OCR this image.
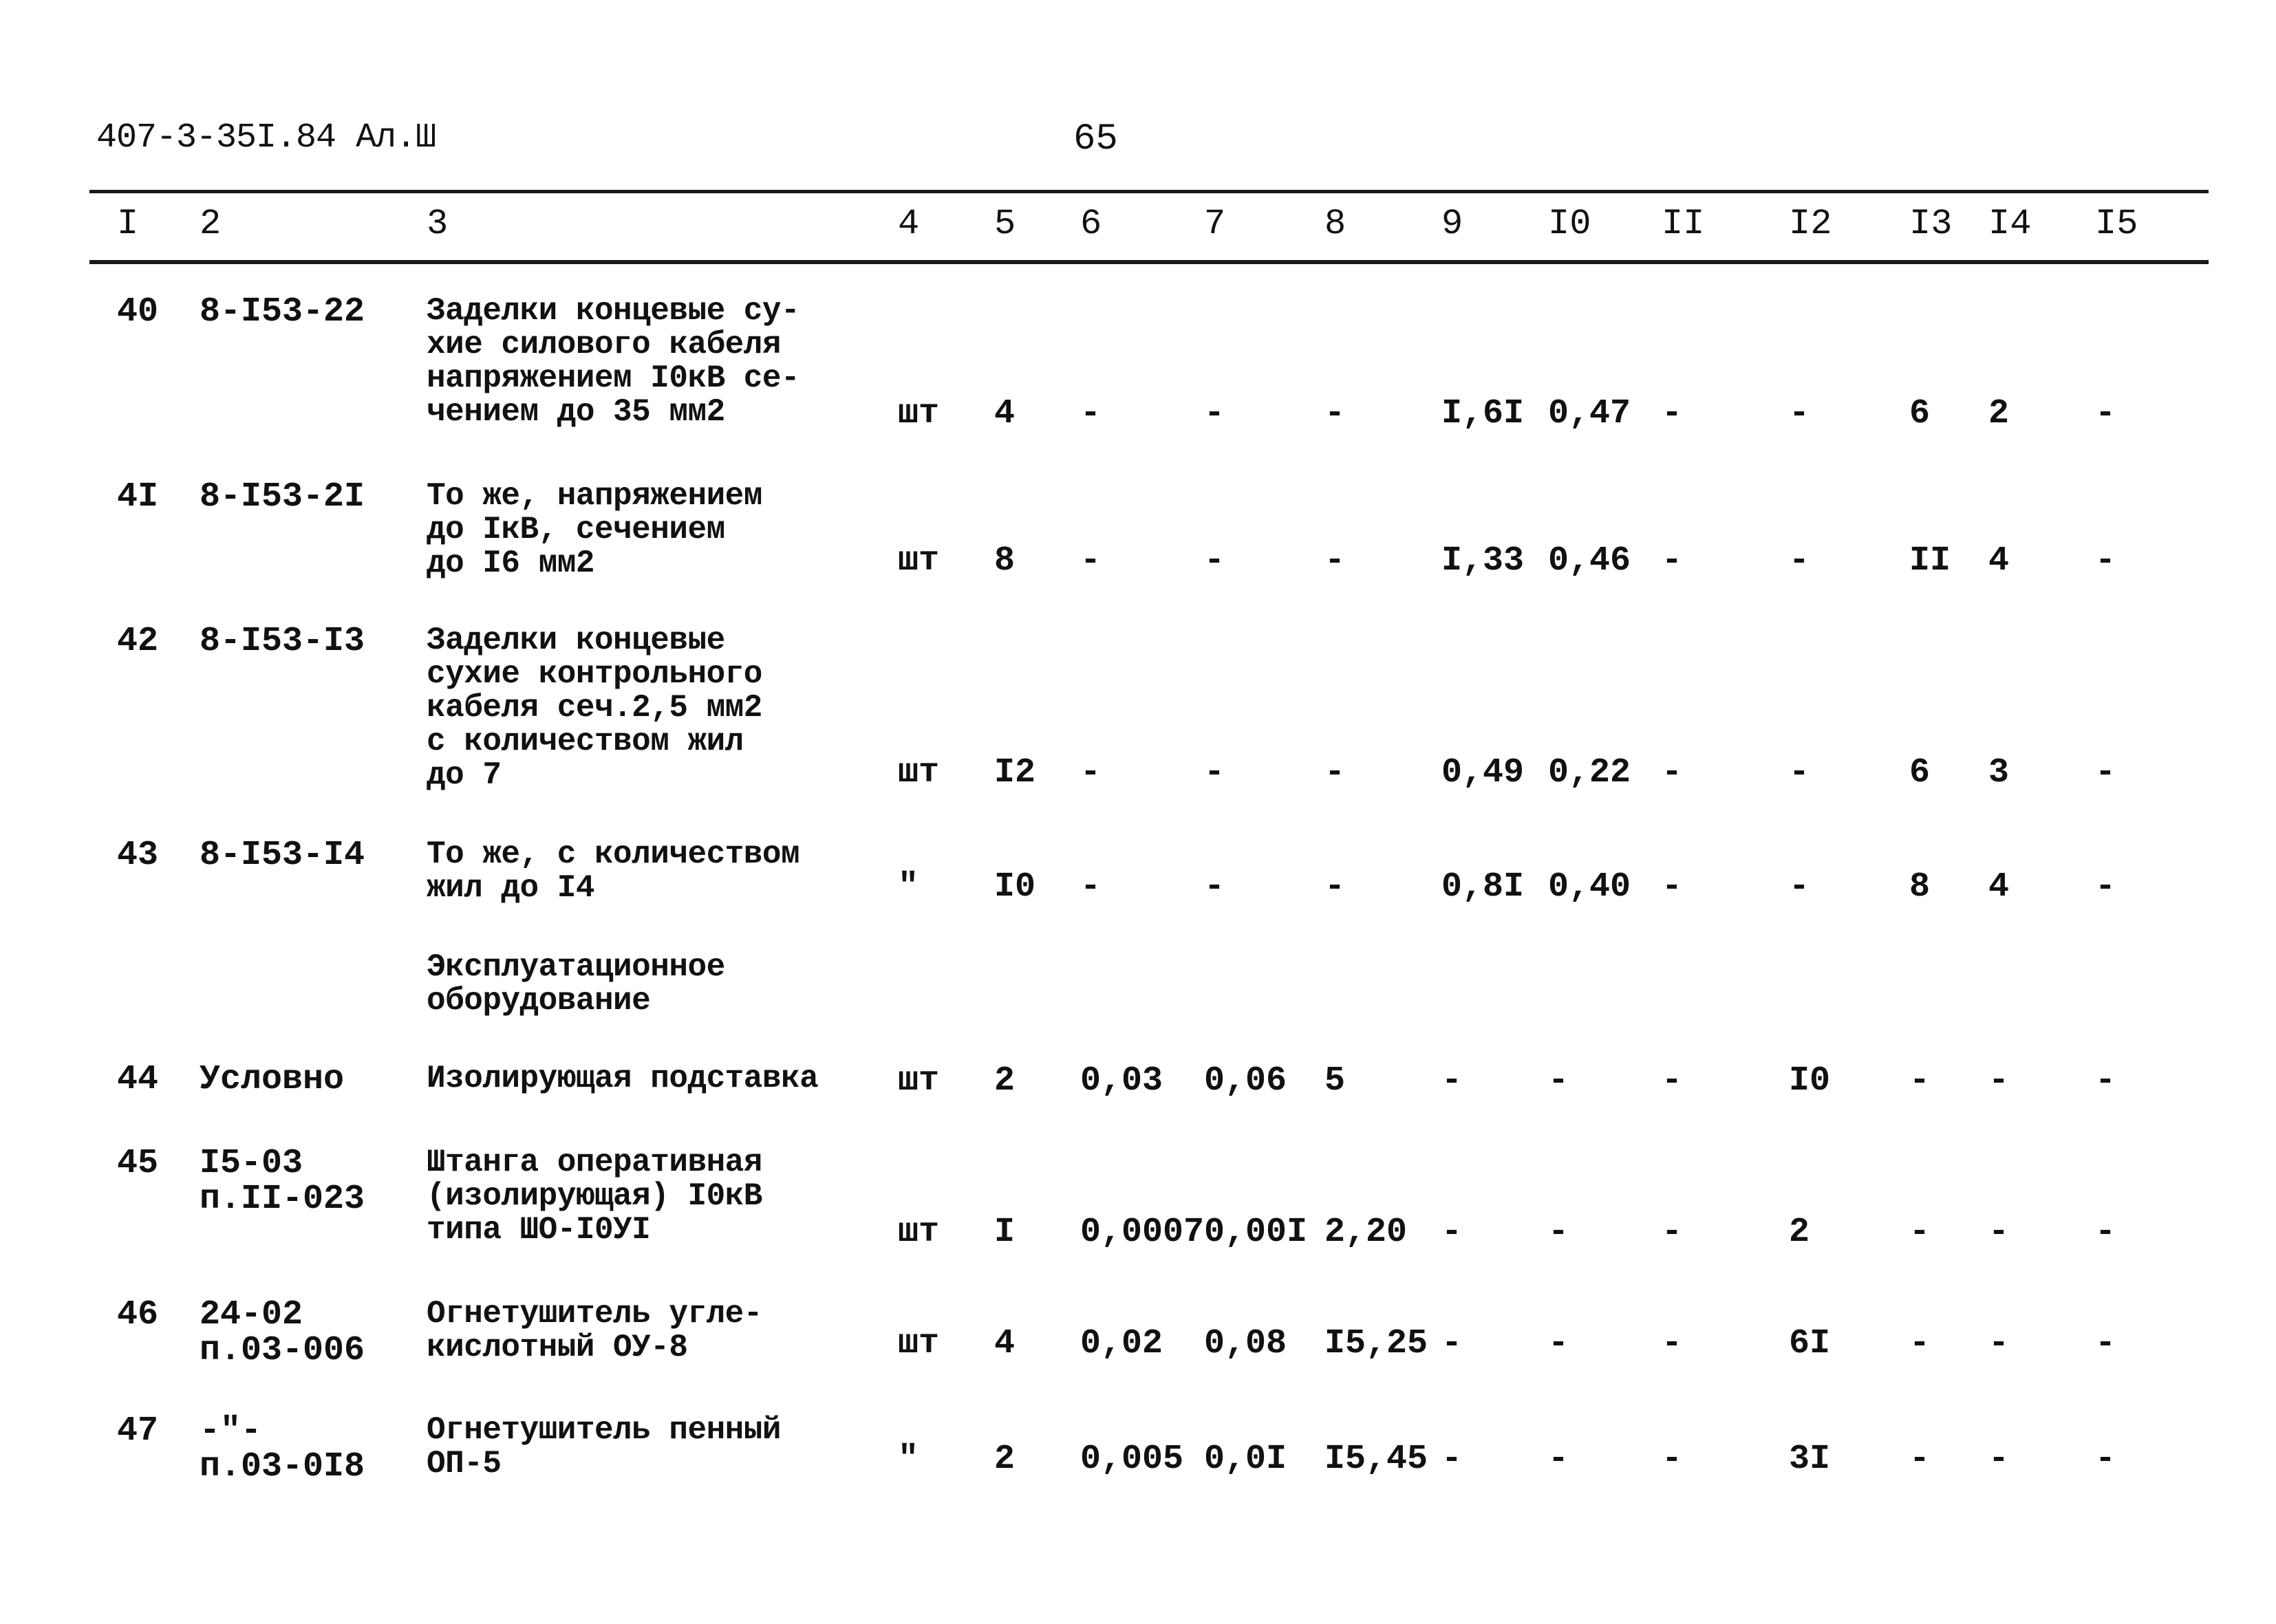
407-3-35I.84 Ал.Ш	65
I 2	3	4 5 6	7	8	9 I0 II I2 I3 I4 I5
40 8-I53-22 Заделки концевые су-
хие силового кабеля
напряжением I0кВ се-
чением до 35 мм2	шт 4 -	-	-	I,6I 0,47 -	-	6 2 -
4I 8-I53-2I То же, напряжением
до IкВ, сечением
до I6 мм2	шт 8 -	-	-	I,33 0,46 -	-	II 4 -
42 8-I53-I3 Заделки концевые
сухие контрольного
кабеля сеч.2,5 мм2
с количеством жил
до 7	шт I2 -	-	-	0,49 0,22 -	-	6 3 -
43 8-I53-I4 То же, с количеством
жил до I4	" I0 -	-	-	0,8I 0,40 -	-	8 4 -
Эксплуатационное
оборудование
44 Условно	Изолирующая подставка шт 2 0,03 0,06 5	- -	-	I0 - - -
45 I5-03
п.II-023
Штанга оперативная
(изолирующая) I0кВ
типа ШО-I0УI	шт I 0,0007 0,00I 2,20 - -	-	2	- - -
46 24-02
п.03-006
Огнетушитель угле-
кислотный ОУ-8	шт 4 0,02 0,08 I5,25 - -	-	6I - - -
47 -"-
п.03-0I8
Огнетушитель пенный
ОП-5	" 2 0,005 0,0I I5,45 - -	-	3I - - -
